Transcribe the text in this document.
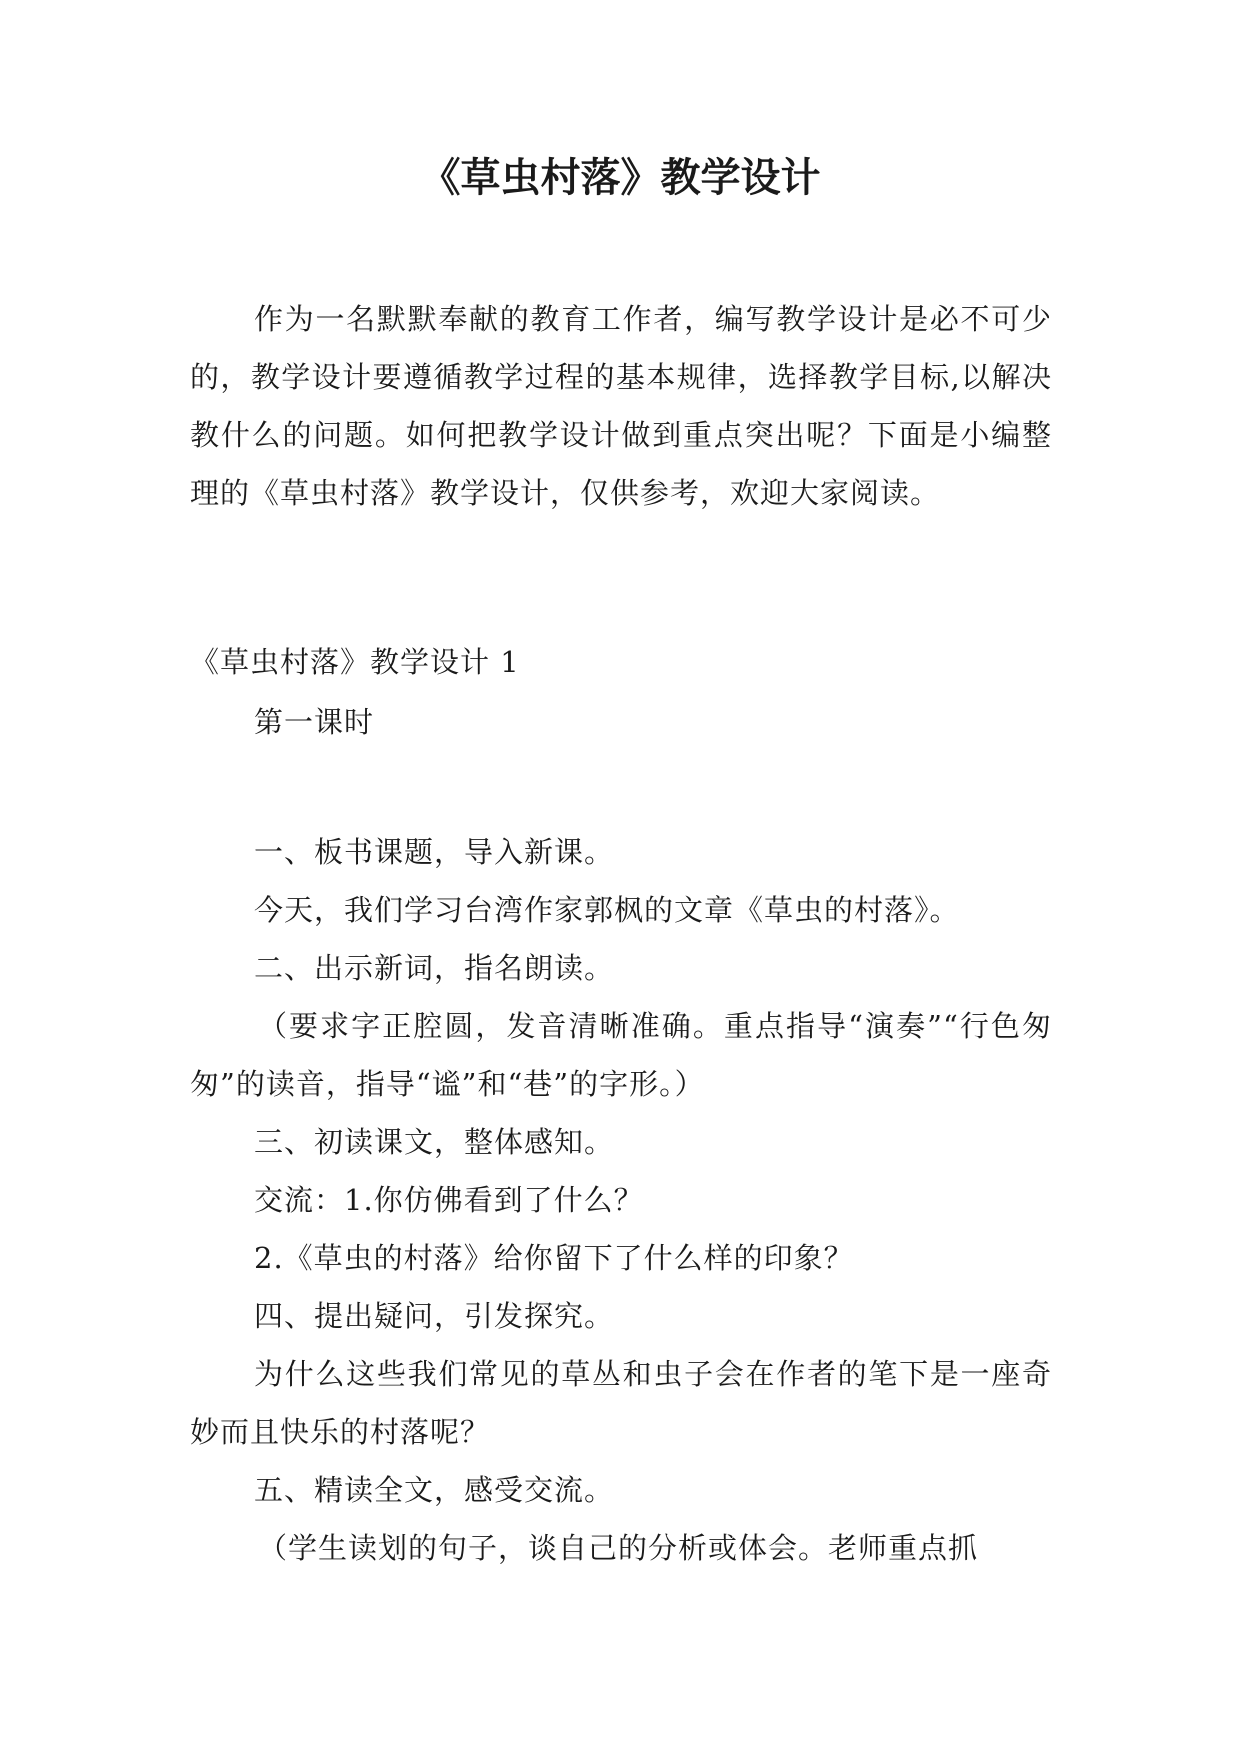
《草虫村落》教学设计
作为一名默默奉献的教育工作者，编写教学设计是必不可少的，教学设计要遵循教学过程的基本规律，选择教学目标,以解决教什么的问题。如何把教学设计做到重点突出呢？下面是小编整理的《草虫村落》教学设计，仅供参考，欢迎大家阅读。
《草虫村落》教学设计 1
第一课时

一、板书课题，导入新课。

今天，我们学习台湾作家郭枫的文章《草虫的村落》。

二、出示新词，指名朗读。

（要求字正腔圆，发音清晰准确。重点指导“演奏”“行色匆匆”的读音，指导“谧”和“巷”的字形。）

三、初读课文，整体感知。

交流：1.你仿佛看到了什么？

2.《草虫的村落》给你留下了什么样的印象？

四、提出疑问，引发探究。

为什么这些我们常见的草丛和虫子会在作者的笔下是一座奇妙而且快乐的村落呢？

五、精读全文，感受交流。

（学生读划的句子，谈自己的分析或体会。老师重点抓
